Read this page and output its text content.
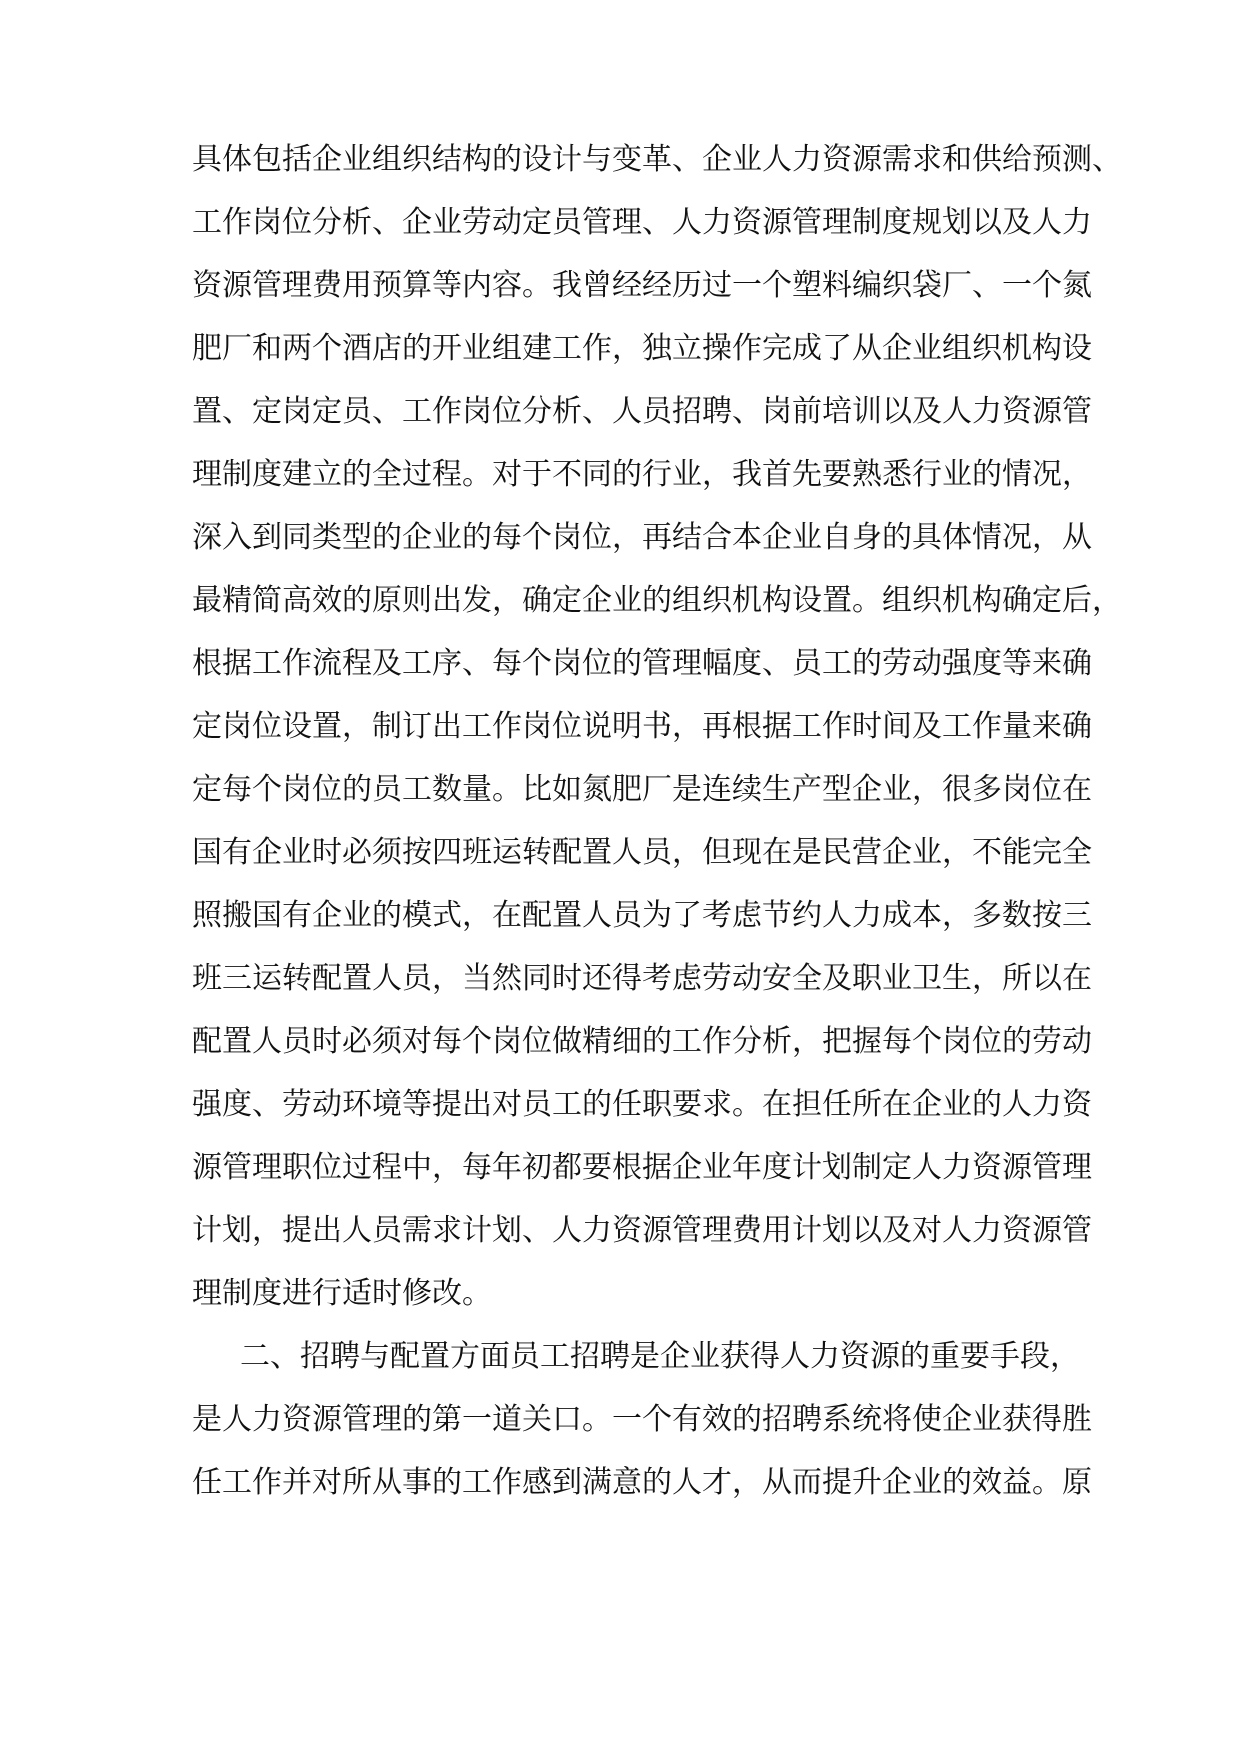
具体包括企业组织结构的设计与变革、企业人力资源需求和供给预测、
工作岗位分析、企业劳动定员管理、人力资源管理制度规划以及人力
资源管理费用预算等内容。我曾经经历过一个塑料编织袋厂、一个氮
肥厂和两个酒店的开业组建工作，独立操作完成了从企业组织机构设
置、定岗定员、工作岗位分析、人员招聘、岗前培训以及人力资源管
理制度建立的全过程。对于不同的行业，我首先要熟悉行业的情况，
深入到同类型的企业的每个岗位，再结合本企业自身的具体情况，从
最精简高效的原则出发，确定企业的组织机构设置。组织机构确定后，
根据工作流程及工序、每个岗位的管理幅度、员工的劳动强度等来确
定岗位设置，制订出工作岗位说明书，再根据工作时间及工作量来确
定每个岗位的员工数量。比如氮肥厂是连续生产型企业，很多岗位在
国有企业时必须按四班运转配置人员，但现在是民营企业，不能完全
照搬国有企业的模式，在配置人员为了考虑节约人力成本，多数按三
班三运转配置人员，当然同时还得考虑劳动安全及职业卫生，所以在
配置人员时必须对每个岗位做精细的工作分析，把握每个岗位的劳动
强度、劳动环境等提出对员工的任职要求。在担任所在企业的人力资
源管理职位过程中，每年初都要根据企业年度计划制定人力资源管理
计划，提出人员需求计划、人力资源管理费用计划以及对人力资源管
理制度进行适时修改。
二、招聘与配置方面员工招聘是企业获得人力资源的重要手段，
是人力资源管理的第一道关口。一个有效的招聘系统将使企业获得胜
任工作并对所从事的工作感到满意的人才，从而提升企业的效益。原
